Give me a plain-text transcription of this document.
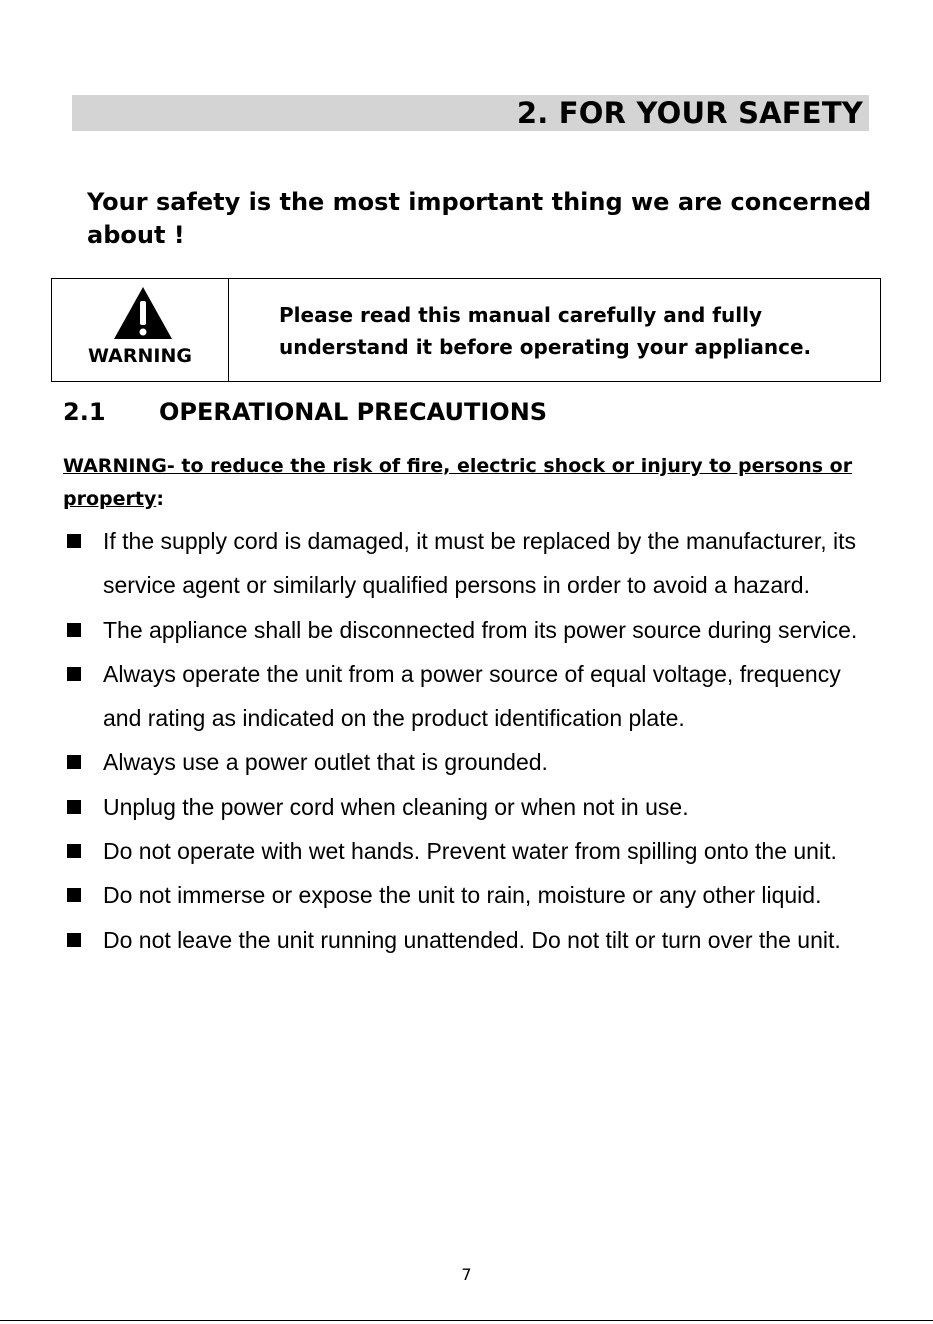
2. FOR YOUR SAFETY
Your safety is the most important thing we are concerned about !
WARNING
Please read this manual carefully and fully
understand it before operating your appliance.
2.1	OPERATIONAL PRECAUTIONS
WARNING- to reduce the risk of fire, electric shock or injury to persons or property:
If the supply cord is damaged, it must be replaced by the manufacturer, its service agent or similarly qualified persons in order to avoid a hazard.
The appliance shall be disconnected from its power source during service.
Always operate the unit from a power source of equal voltage, frequency and rating as indicated on the product identification plate.
Always use a power outlet that is grounded.
Unplug the power cord when cleaning or when not in use.
Do not operate with wet hands. Prevent water from spilling onto the unit.
Do not immerse or expose the unit to rain, moisture or any other liquid.
Do not leave the unit running unattended. Do not tilt or turn over the unit.
7
